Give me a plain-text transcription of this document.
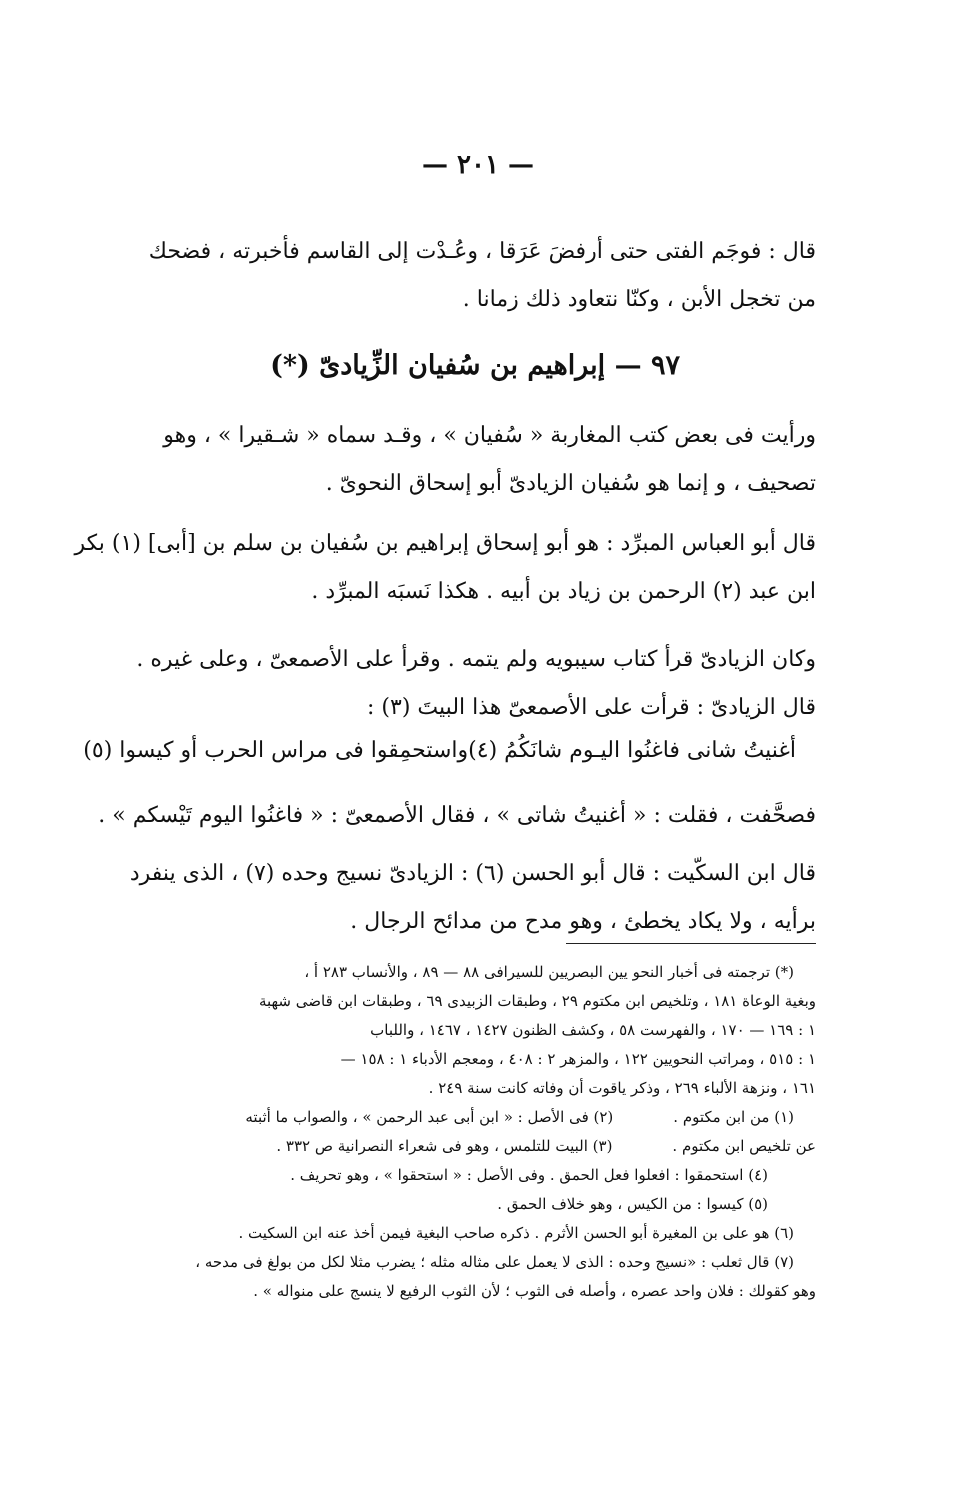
— ٢٠١ —
قال : فوجَم الفتى حتى أرفضَ عَرَقا ، وعُـدْت إلى القاسم فأخبرته ، فضحك
من تخجل الأبن ، وكنّا نتعاود ذلك زمانا .
٩٧ — إبراهيم بن سُفيان الزِّيادىّ (*)
ورأيت فى بعض كتب المغاربة « سُفيان » ، وقـد سماه « شـقيرا » ، وهو
تصحيف ، و إنما هو سُفيان الزيادىّ أبو إسحاق النحوىّ .
قال أبو العباس المبرِّد : هو أبو إسحاق إبراهيم بن سُفيان بن سلم بن [أبى] (١) بكر
ابن عبد (٢) الرحمن بن زياد بن أبيه . هكذا نَسبَه المبرِّد .
وكان الزيادىّ قرأ كتاب سيبويه ولم يتمه . وقرأ على الأصمعىّ ، وعلى غيره .
قال الزيادىّ : قرأت على الأصمعىّ هذا البيتَ (٣) :
أغنيتُ شانى فاغنُوا اليـوم شانَكُمُ (٤)
واستحمِقوا فى مراس الحرب أو كيسوا (٥)
فصحَّفت ، فقلت : « أغنيتُ شاتى » ، فقال الأصمعىّ : « فاغنُوا اليوم تَيْسكم » .
قال ابن السكّيت : قال أبو الحسن (٦) : الزيادىّ نسيج وحده (٧) ، الذى ينفرد
برأيه ، ولا يكاد يخطئ ، وهو مدح من مدائح الرجال .
(*) ترجمته فى أخبار النحو يين البصريين للسيرافى ٨٨ — ٨٩ ، والأنساب ٢٨٣ أ ،
وبغية الوعاة ١٨١ ، وتلخيص ابن مكتوم ٢٩ ، وطبقات الزبيدى ٦٩ ، وطبقات ابن قاضى شهبة
١ : ١٦٩ — ١٧٠ ، والفهرست ٥٨ ، وكشف الظنون ١٤٢٧ ، ١٤٦٧ ، واللباب
١ : ٥١٥ ، ومراتب النحويين ١٢٢ ، والمزهر ٢ : ٤٠٨ ، ومعجم الأدباء ١ : ١٥٨ —
١٦١ ، ونزهة الألباء ٢٦٩ ، وذكر ياقوت أن وفاته كانت سنة ٢٤٩ .
(١) من ابن مكتوم .
(٢) فى الأصل : « ابن أبى عبد الرحمن » ، والصواب ما أثبته
عن تلخيص ابن مكتوم .
(٣) البيت للتلمس ، وهو فى شعراء النصرانية ص ٣٣٢ .
(٤) استحمقوا : افعلوا فعل الحمق . وفى الأصل : « استحقوا » ، وهو تحريف .
(٥) كيسوا : من الكيس ، وهو خلاف الحمق .
(٦) هو على بن المغيرة أبو الحسن الأثرم . ذكره صاحب البغية فيمن أخذ عنه ابن السكيت .
(٧) قال ثعلب : «نسيج وحده : الذى لا يعمل على مثاله مثله ؛ يضرب مثلا لكل من بولغ فى مدحه ،
وهو كقولك : فلان واحد عصره ، وأصله فى الثوب ؛ لأن الثوب الرفيع لا ينسج على منواله » .
